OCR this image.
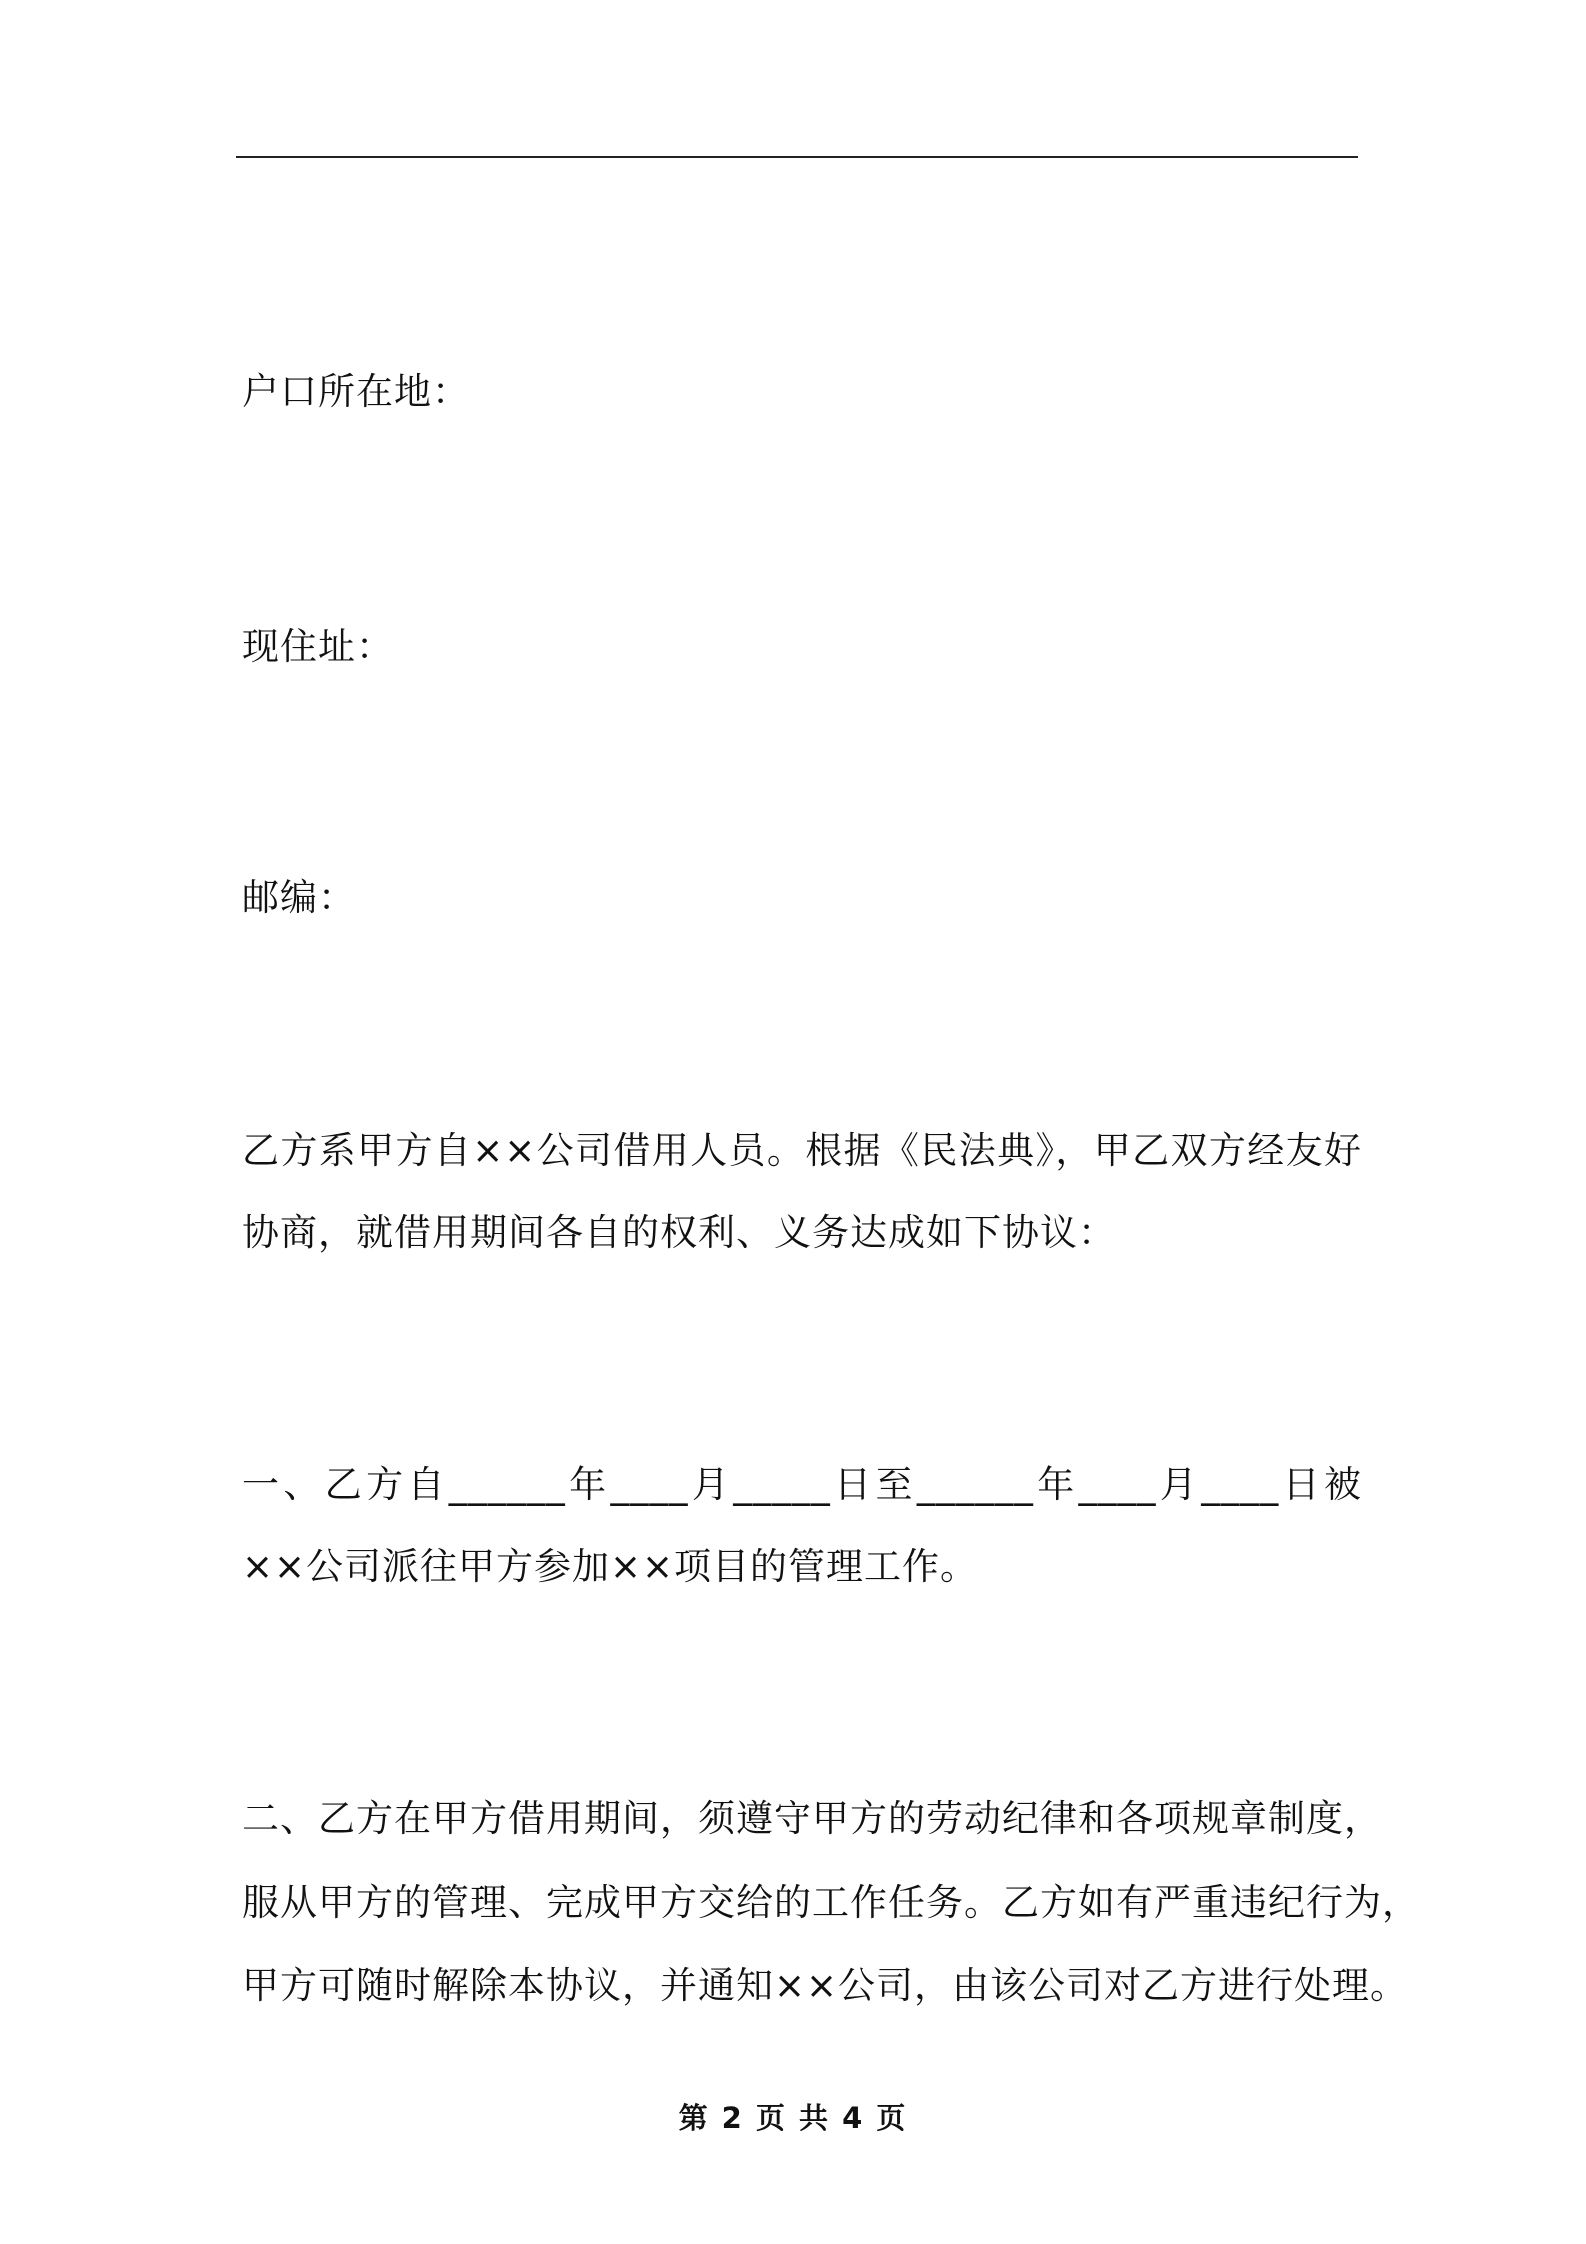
户口所在地：
现住址：
邮编：
乙方系甲方自××公司借用人员。根据《民法典》，甲乙双方经友好
协商，就借用期间各自的权利、义务达成如下协议：
一、乙方自______年____月_____日至______年____月____日被
××公司派往甲方参加××项目的管理工作。
二、乙方在甲方借用期间，须遵守甲方的劳动纪律和各项规章制度，
服从甲方的管理、完成甲方交给的工作任务。乙方如有严重违纪行为，
甲方可随时解除本协议，并通知××公司，由该公司对乙方进行处理。
第 2 页 共 4 页
